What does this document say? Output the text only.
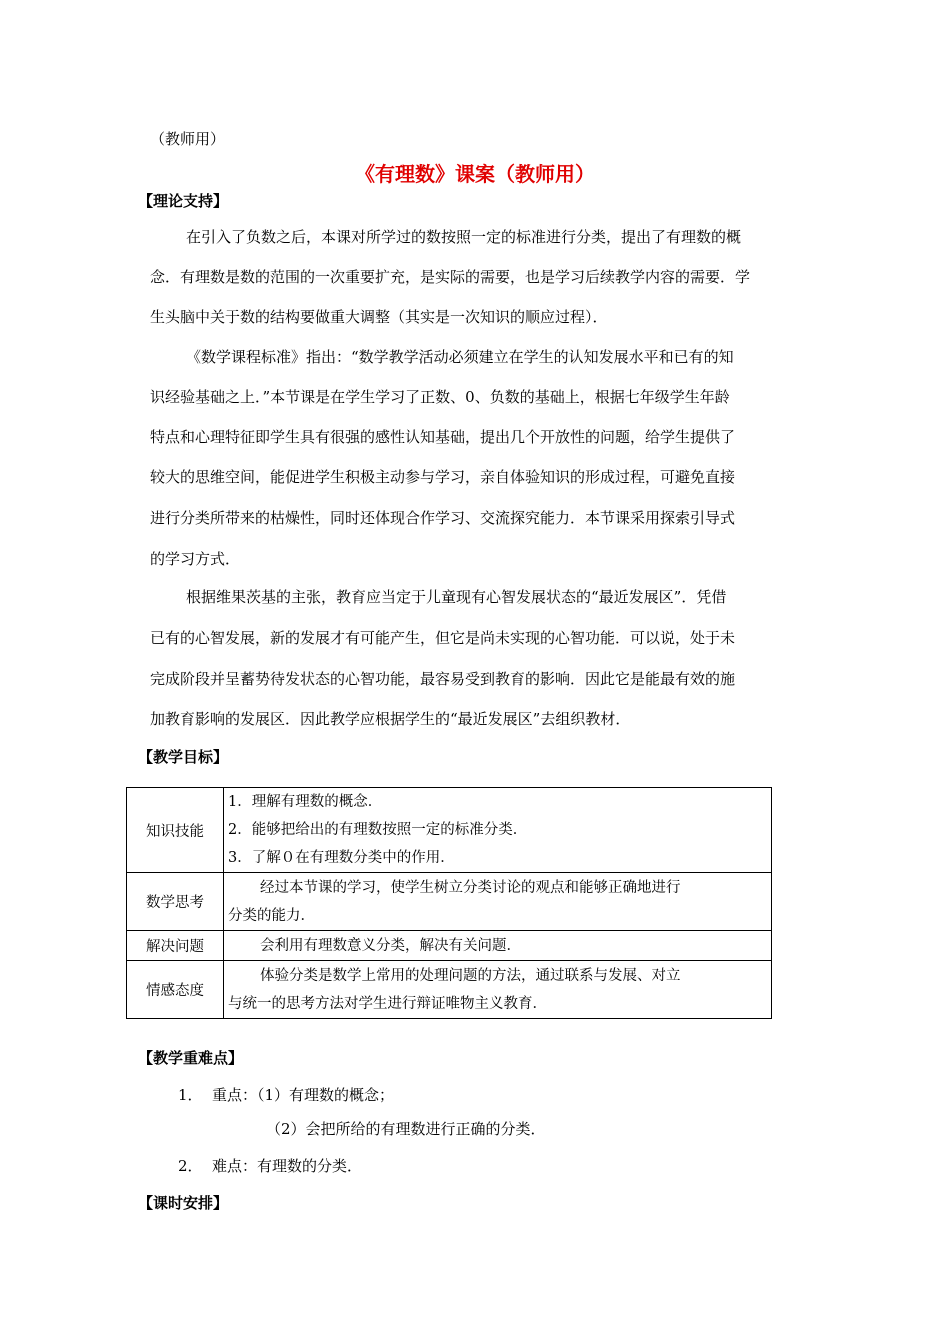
（教师用）
《有理数》课案（教师用）
【理论支持】
在引入了负数之后，本课对所学过的数按照一定的标准进行分类，提出了有理数的概
念．有理数是数的范围的一次重要扩充，是实际的需要，也是学习后续教学内容的需要．学
生头脑中关于数的结构要做重大调整（其实是一次知识的顺应过程）．
《数学课程标准》指出：“数学教学活动必须建立在学生的认知发展水平和已有的知
识经验基础之上．”本节课是在学生学习了正数、0、负数的基础上，根据七年级学生年龄
特点和心理特征即学生具有很强的感性认知基础，提出几个开放性的问题，给学生提供了
较大的思维空间，能促进学生积极主动参与学习，亲自体验知识的形成过程，可避免直接
进行分类所带来的枯燥性，同时还体现合作学习、交流探究能力．本节课采用探索引导式
的学习方式．
根据维果茨基的主张，教育应当定于儿童现有心智发展状态的“最近发展区”．凭借
已有的心智发展，新的发展才有可能产生，但它是尚未实现的心智功能．可以说，处于未
完成阶段并呈蓄势待发状态的心智功能，最容易受到教育的影响．因此它是能最有效的施
加教育影响的发展区．因此教学应根据学生的“最近发展区”去组织教材．
【教学目标】
知识技能	1．理解有理数的概念．
2．能够把给出的有理数按照一定的标准分类．
3．了解０在有理数分类中的作用．

数学思考	经过本节课的学习，使学生树立分类讨论的观点和能够正确地进行
分类的能力．

解决问题	会利用有理数意义分类，解决有关问题．

情感态度	体验分类是数学上常用的处理问题的方法，通过联系与发展、对立
与统一的思考方法对学生进行辩证唯物主义教育．
【教学重难点】
1． 重点：（1）有理数的概念；
（2）会把所给的有理数进行正确的分类．
2． 难点：有理数的分类．
【课时安排】
